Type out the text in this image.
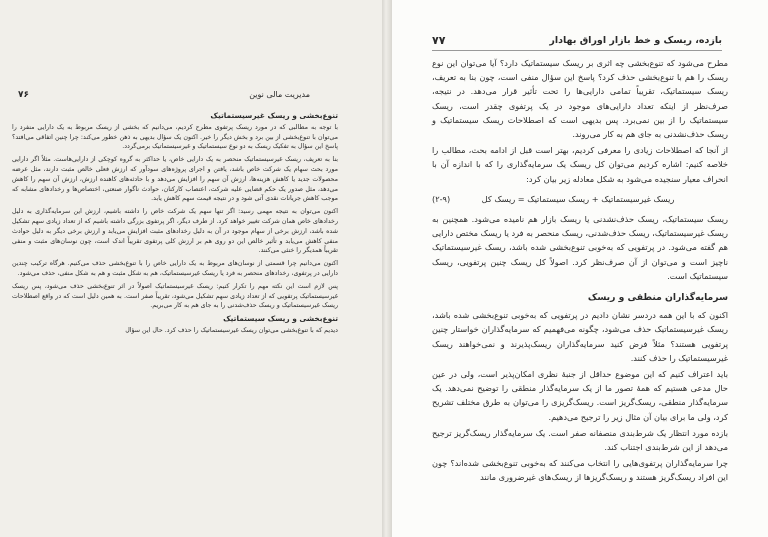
۷۶	مدیریت مالی نوین
تنوع‌بخشی و ریسک غیرسیستماتیک

با توجه به مطالبی که در مورد ریسک پرتفوی مطرح کردیم، می‌دانیم که بخشی از ریسک مربوط به یک دارایی منفرد را می‌توان با تنوع‌بخشی از بین برد و بخش دیگر را خیر. اکنون یک سؤال بدیهی به ذهن خطور می‌کند: چرا چنین اتفاقی می‌افتد؟ پاسخ این سؤال به تفکیک ریسک به دو نوع سیستماتیک و غیرسیستماتیک برمی‌گردد.

بنا به تعریف، ریسک غیرسیستماتیک منحصر به یک دارایی خاص، یا حداکثر به گروه کوچکی از دارایی‌هاست. مثلاً اگر دارایی مورد بحث سهام یک شرکت خاص باشد، یافتن و اجرای پروژه‌های سودآور که ارزش فعلی خالص مثبت دارند، مثل عرضه محصولات جدید یا کاهش هزینه‌ها، ارزش آن سهم را افزایش می‌دهد و با حادثه‌های کاهنده ارزش، ارزش آن سهم را کاهش می‌دهد، مثل صدور یک حکم قضایی علیه شرکت، اعتصاب کارکنان، حوادث ناگوار صنعتی، اختصاص‌ها و رخدادهای مشابه که موجب کاهش جریانات نقدی آتی شود و در نتیجه قیمت سهم کاهش یابد.

اکنون می‌توان به نتیجه مهمی رسید: اگر تنها سهم یک شرکت خاص را داشته باشیم، ارزش این سرمایه‌گذاری به دلیل رخدادهای خاص همان شرکت تغییر خواهد کرد. از طرف دیگر، اگر پرتفوی بزرگی داشته باشیم که از تعداد زیادی سهم تشکیل شده باشد، ارزش برخی از سهام موجود در آن به دلیل رخدادهای مثبت افزایش می‌یابد و ارزش برخی دیگر به دلیل حوادث منفی کاهش می‌یابد و تأثیر خالص این دو روی هم بر ارزش کلی پرتفوی تقریباً اندک است، چون نوسان‌های مثبت و منفی تقریباً همدیگر را خنثی می‌کنند.

اکنون می‌دانیم چرا قسمتی از نوسان‌های مربوط به یک دارایی خاص را با تنوع‌بخشی حذف می‌کنیم. هرگاه ترکیب چندین دارایی در پرتفوی، رخدادهای منحصر به فرد یا ریسک غیرسیستماتیک، هم به شکل مثبت و هم به شکل منفی، حذف می‌شود.

پس لازم است این نکته مهم را تکرار کنیم: ریسک غیرسیستماتیک اصولاً در اثر تنوع‌بخشی حذف می‌شود، پس ریسک غیرسیستماتیک پرتفویی که از تعداد زیادی سهم تشکیل می‌شود، تقریباً صفر است. به همین دلیل است که در واقع اصطلاحات ریسک غیرسیستماتیک و ریسک حذف‌شدنی را به جای هم به کار می‌بریم.

تنوع‌بخشی و ریسک سیستماتیک

دیدیم که با تنوع‌بخشی می‌توان ریسک غیرسیستماتیک را حذف کرد. حال این سؤال

۷۷	بازده، ریسک و خط بازار اوراق بهادار

مطرح می‌شود که تنوع‌بخشی چه اثری بر ریسک سیستماتیک دارد؟ آیا می‌توان این نوع ریسک را هم با تنوع‌بخشی حذف کرد؟ پاسخ این سؤال منفی است، چون بنا به تعریف، ریسک سیستماتیک، تقریباً تمامی دارایی‌ها را تحت تأثیر قرار می‌دهد. در نتیجه، صرف‌نظر از اینکه تعداد دارایی‌های موجود در یک پرتفوی چقدر است، ریسک سیستماتیک را از بین نمی‌برد. پس بدیهی است که اصطلاحات ریسک سیستماتیک و ریسک حذف‌نشدنی به جای هم به کار می‌روند.

از آنجا که اصطلاحات زیادی را معرفی کردیم، بهتر است قبل از ادامه بحث، مطالب را خلاصه کنیم: اشاره کردیم می‌توان کل ریسک یک سرمایه‌گذاری را که با اندازه آن با انحراف معیار سنجیده می‌شود به شکل معادله زیر بیان کرد:

(۲-۹)	ریسک غیرسیستماتیک + ریسک سیستماتیک = ریسک کل

ریسک سیستماتیک، ریسک حذف‌نشدنی یا ریسک بازار هم نامیده می‌شود. همچنین به ریسک غیرسیستماتیک، ریسک حذف‌شدنی، ریسک منحصر به فرد یا ریسک مختص دارایی هم گفته می‌شود. در پرتفویی که به‌خوبی تنوع‌بخشی شده باشد، ریسک غیرسیستماتیک ناچیز است و می‌توان از آن صرف‌نظر کرد. اصولاً کل ریسک چنین پرتفویی، ریسک سیستماتیک است.

سرمایه‌گذاران منطقی و ریسک

اکنون که با این همه دردسر نشان دادیم در پرتفویی که به‌خوبی تنوع‌بخشی شده باشد، ریسک غیرسیستماتیک حذف می‌شود، چگونه می‌فهمیم که سرمایه‌گذاران خواستار چنین پرتفویی هستند؟ مثلاً فرض کنید سرمایه‌گذاران ریسک‌پذیرند و نمی‌خواهند ریسک غیرسیستماتیک را حذف کنند.

باید اعتراف کنیم که این موضوع حداقل از جنبهٔ نظری امکان‌پذیر است، ولی در عین حال مدعی هستیم که همهٔ تصور ما از یک سرمایه‌گذار منطقی را توضیح نمی‌دهد. یک سرمایه‌گذار منطقی، ریسک‌گریز است. ریسک‌گریزی را می‌توان به طرق مختلف تشریح کرد، ولی ما برای بیان آن مثال زیر را ترجیح می‌دهیم.

بازده مورد انتظار یک شرط‌بندی منصفانه صفر است. یک سرمایه‌گذار ریسک‌گریز ترجیح می‌دهد از این شرط‌بندی اجتناب کند.

چرا سرمایه‌گذاران پرتفوی‌هایی را انتخاب می‌کنند که به‌خوبی تنوع‌بخشی شده‌اند؟ چون این افراد ریسک‌گریز هستند و ریسک‌گریزها از ریسک‌های غیرضروری مانند
